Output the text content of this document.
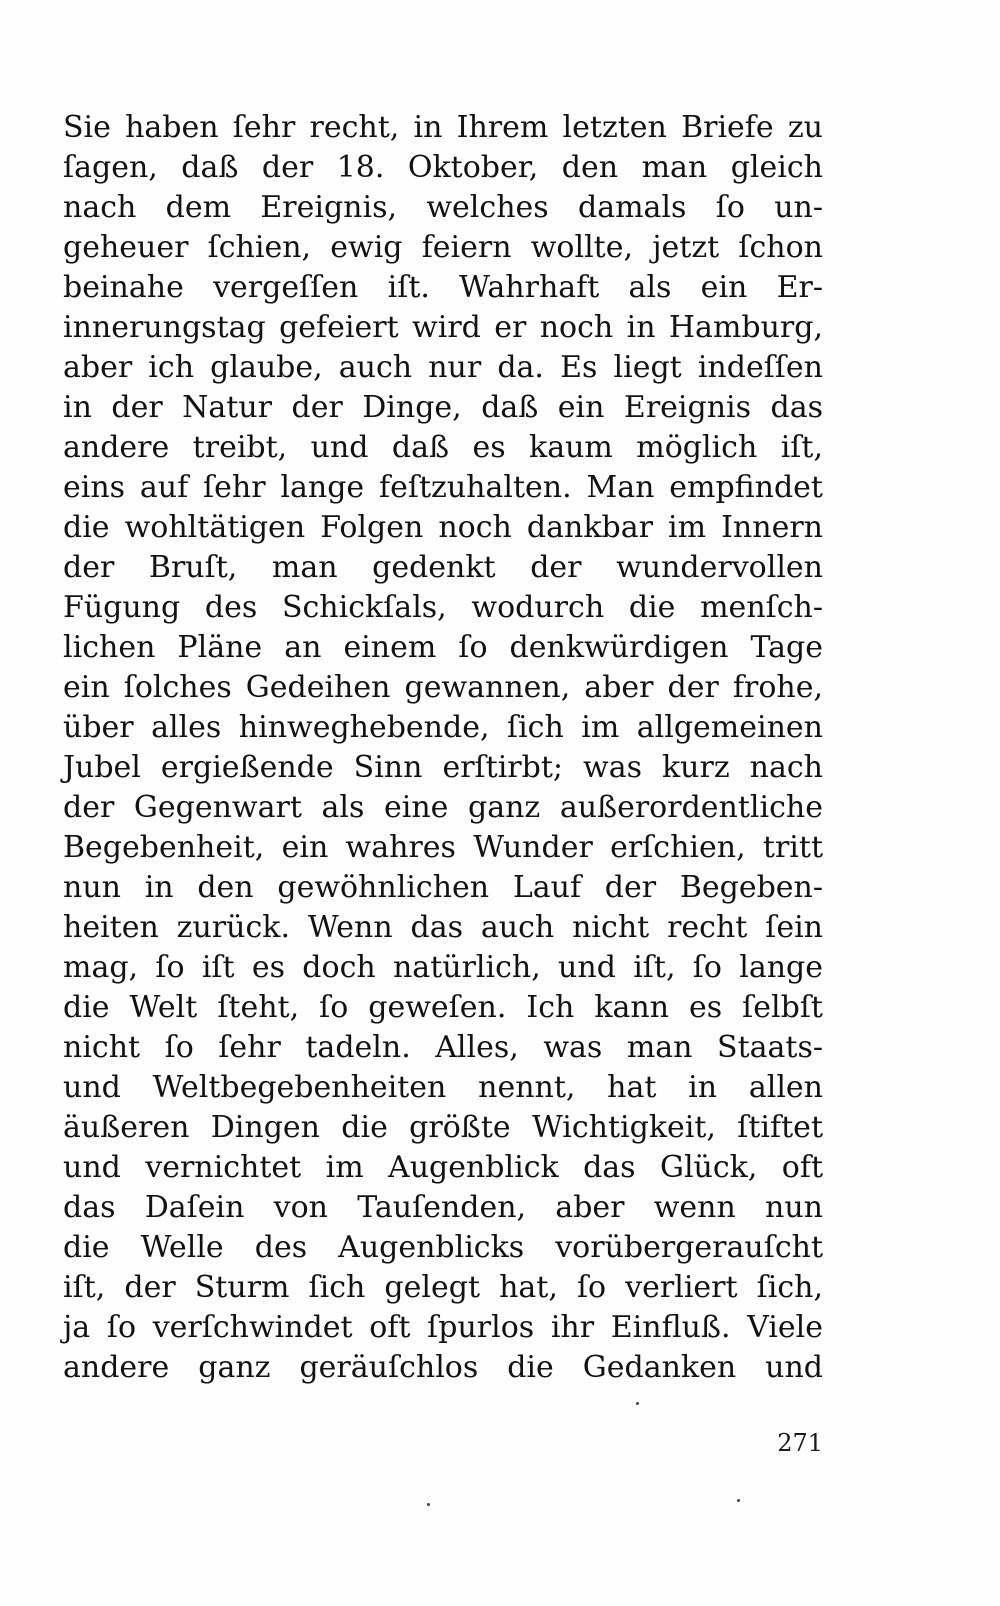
Sie haben ſehr recht, in Ihrem letzten Briefe zu
ſagen, daß der 18. Oktober, den man gleich
nach dem Ereignis, welches damals ſo un-
geheuer ſchien, ewig feiern wollte, jetzt ſchon
beinahe vergeſſen iſt. Wahrhaft als ein Er-
innerungstag gefeiert wird er noch in Hamburg,
aber ich glaube, auch nur da. Es liegt indeſſen
in der Natur der Dinge, daß ein Ereignis das
andere treibt, und daß es kaum möglich iſt,
eins auf ſehr lange feſtzuhalten. Man empfindet
die wohltätigen Folgen noch dankbar im Innern
der Bruſt, man gedenkt der wundervollen
Fügung des Schickſals, wodurch die menſch-
lichen Pläne an einem ſo denkwürdigen Tage
ein ſolches Gedeihen gewannen, aber der frohe,
über alles hinweghebende, ſich im allgemeinen
Jubel ergießende Sinn erſtirbt; was kurz nach
der Gegenwart als eine ganz außerordentliche
Begebenheit, ein wahres Wunder erſchien, tritt
nun in den gewöhnlichen Lauf der Begeben-
heiten zurück. Wenn das auch nicht recht ſein
mag, ſo iſt es doch natürlich, und iſt, ſo lange
die Welt ſteht, ſo geweſen. Ich kann es ſelbſt
nicht ſo ſehr tadeln. Alles, was man Staats-
und Weltbegebenheiten nennt, hat in allen
äußeren Dingen die größte Wichtigkeit, ſtiftet
und vernichtet im Augenblick das Glück, oft
das Daſein von Tauſenden, aber wenn nun
die Welle des Augenblicks vorübergerauſcht
iſt, der Sturm ſich gelegt hat, ſo verliert ſich,
ja ſo verſchwindet oft ſpurlos ihr Einfluß. Viele
andere ganz geräuſchlos die Gedanken und
271
